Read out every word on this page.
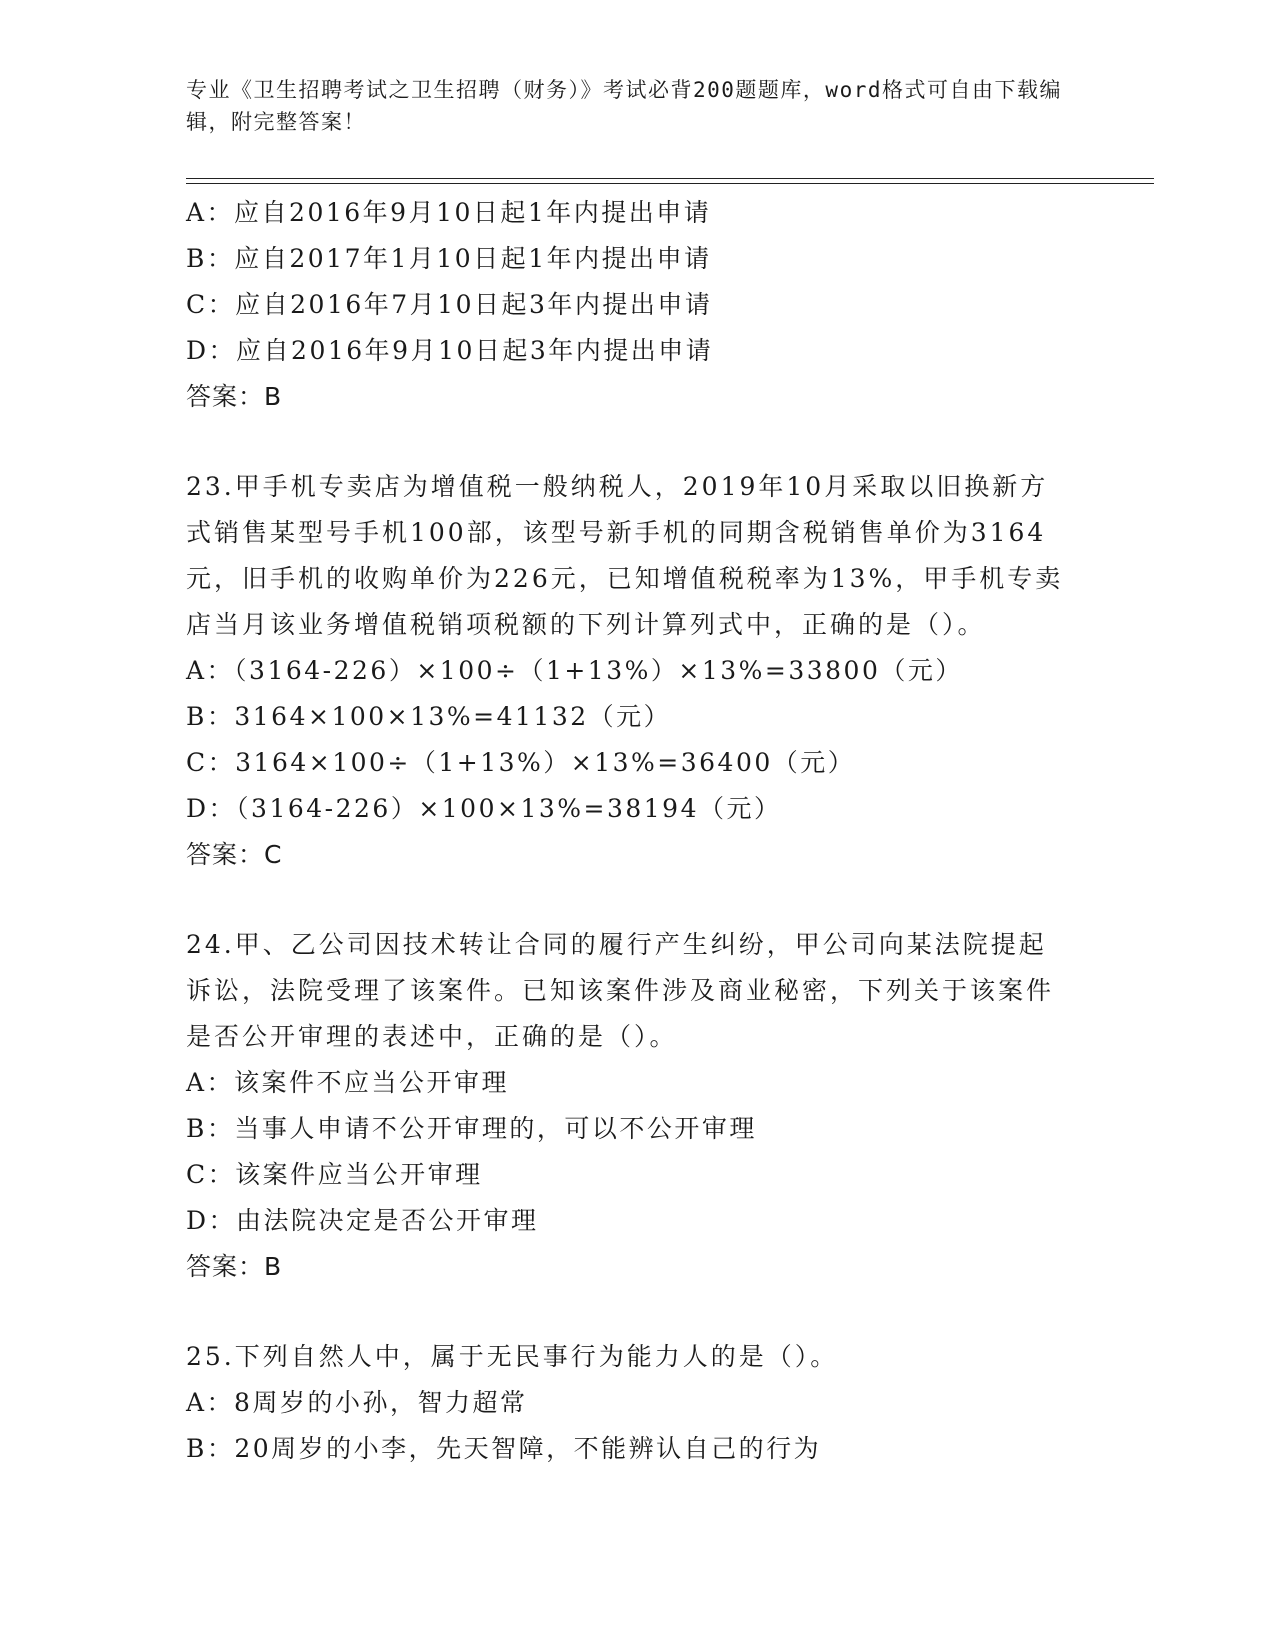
专业《卫生招聘考试之卫生招聘（财务）》考试必背200题题库，word格式可自由下载编辑，附完整答案！
A：应自2016年9月10日起1年内提出申请
B：应自2017年1月10日起1年内提出申请
C：应自2016年7月10日起3年内提出申请
D：应自2016年9月10日起3年内提出申请
答案：B
23.甲手机专卖店为增值税一般纳税人，2019年10月采取以旧换新方式销售某型号手机100部，该型号新手机的同期含税销售单价为3164元，旧手机的收购单价为226元，已知增值税税率为13%，甲手机专卖店当月该业务增值税销项税额的下列计算列式中，正确的是（）。
A：（3164-226）×100÷（1+13%）×13%=33800（元）
B：3164×100×13%=41132（元）
C：3164×100÷（1+13%）×13%=36400（元）
D：（3164-226）×100×13%=38194（元）
答案：C
24.甲、乙公司因技术转让合同的履行产生纠纷，甲公司向某法院提起诉讼，法院受理了该案件。已知该案件涉及商业秘密，下列关于该案件是否公开审理的表述中，正确的是（）。
A：该案件不应当公开审理
B：当事人申请不公开审理的，可以不公开审理
C：该案件应当公开审理
D：由法院决定是否公开审理
答案：B
25.下列自然人中，属于无民事行为能力人的是（）。
A：8周岁的小孙，智力超常
B：20周岁的小李，先天智障，不能辨认自己的行为
